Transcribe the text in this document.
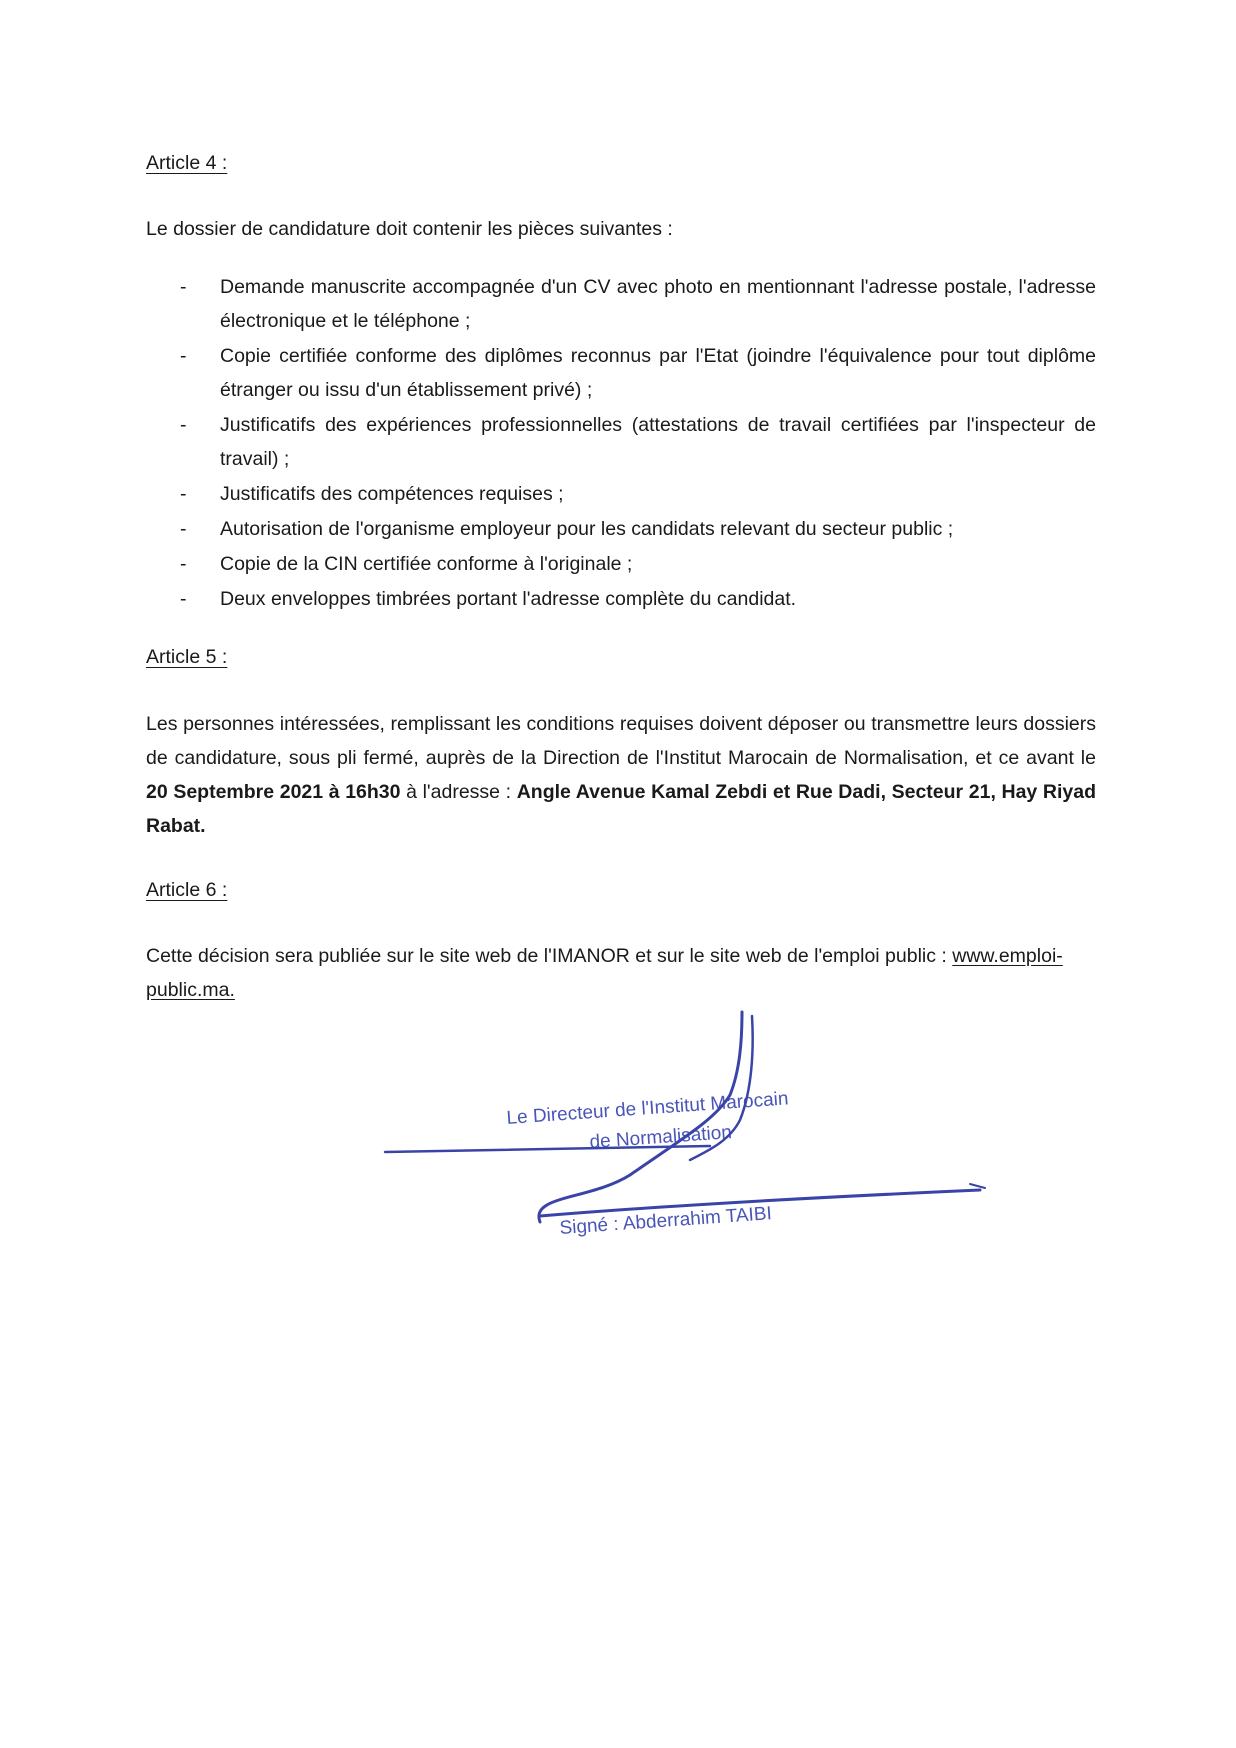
Article 4 :

Le dossier de candidature doit contenir les pièces suivantes :

- Demande manuscrite accompagnée d'un CV avec photo en mentionnant l'adresse postale, l'adresse électronique et le téléphone ;
- Copie certifiée conforme des diplômes reconnus par l'Etat (joindre l'équivalence pour tout diplôme étranger ou issu d'un établissement privé) ;
- Justificatifs des expériences professionnelles (attestations de travail certifiées par l'inspecteur de travail) ;
- Justificatifs des compétences requises ;
- Autorisation de l'organisme employeur pour les candidats relevant du secteur public ;
- Copie de la CIN certifiée conforme à l'originale ;
- Deux enveloppes timbrées portant l'adresse complète du candidat.
Article 5 :

Les personnes intéressées, remplissant les conditions requises doivent déposer ou transmettre leurs dossiers de candidature, sous pli fermé, auprès de la Direction de l'Institut Marocain de Normalisation, et ce avant le 20 Septembre 2021 à 16h30 à l'adresse : Angle Avenue Kamal Zebdi et Rue Dadi, Secteur 21, Hay Riyad Rabat.

Article 6 :

Cette décision sera publiée sur le site web de l'IMANOR et sur le site web de l'emploi public : www.emploi-public.ma.

Le Directeur de l'Institut Marocain
de Normalisation
Signé : Abderrahim TAIBI
